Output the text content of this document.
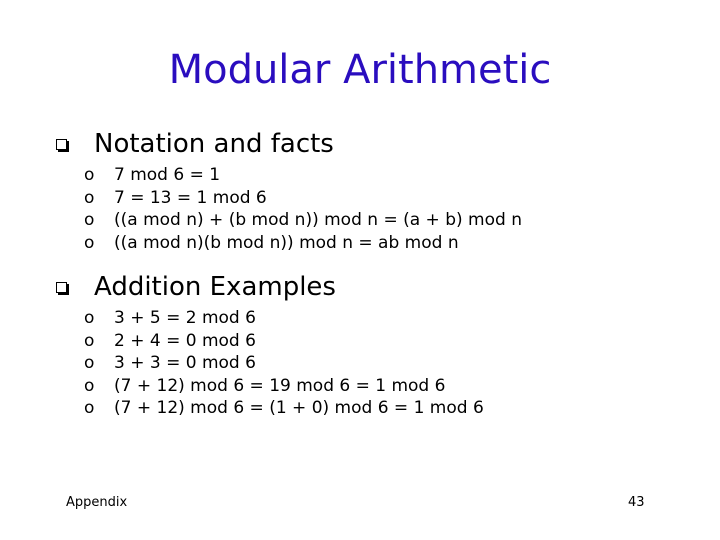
Modular Arithmetic
Notation and facts
o	7 mod 6 = 1
o	7 = 13 = 1 mod 6
o	((a mod n) + (b mod n)) mod n = (a + b) mod n
o	((a mod n)(b mod n)) mod n = ab mod n
Addition Examples
o	3 + 5 = 2 mod 6
o	2 + 4 = 0 mod 6
o	3 + 3 = 0 mod 6
o	(7 + 12) mod 6 = 19 mod 6 = 1 mod 6
o	(7 + 12) mod 6 = (1 + 0) mod 6 = 1 mod 6
Appendix	43
